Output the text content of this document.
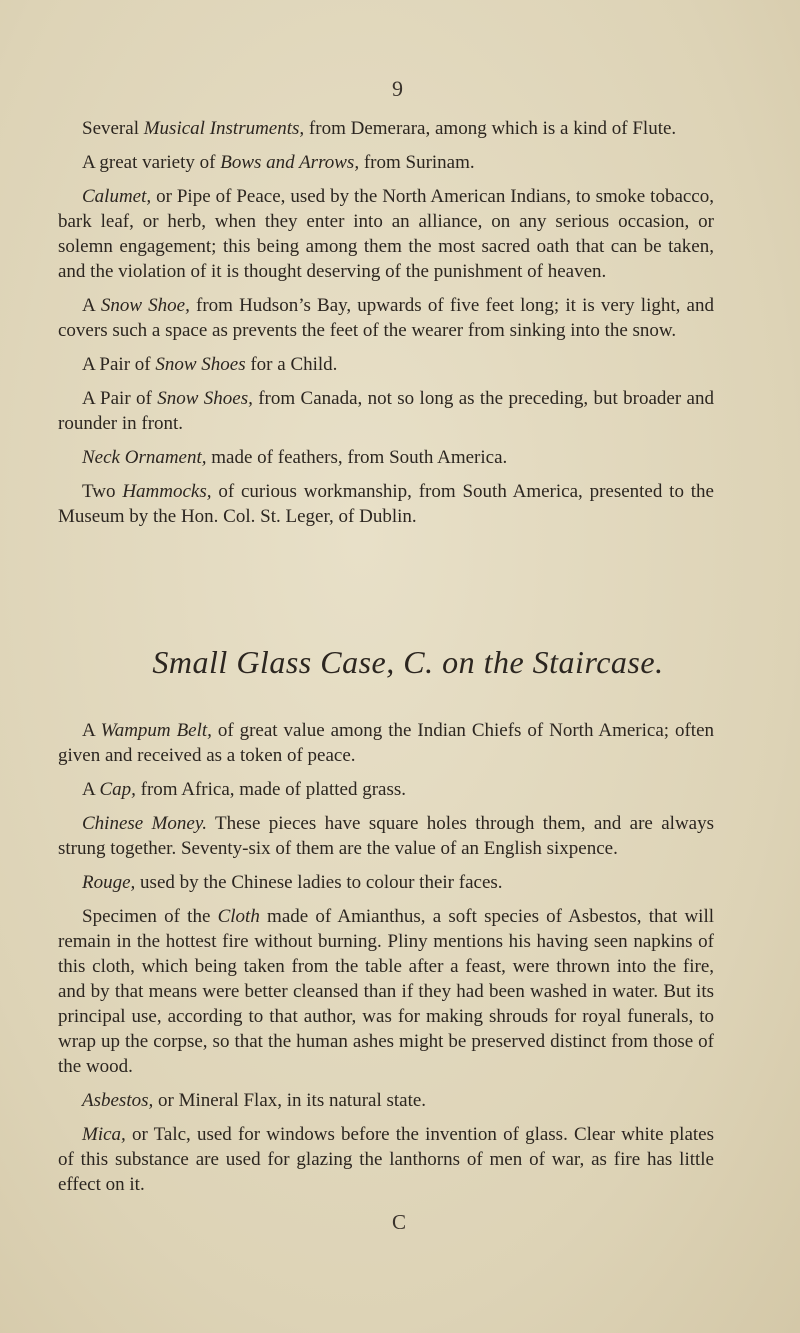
9

Several Musical Instruments, from Demerara, among which is a kind of Flute.

A great variety of Bows and Arrows, from Surinam.

Calumet, or Pipe of Peace, used by the North American Indians, to smoke tobacco, bark leaf, or herb, when they enter into an alliance, on any serious occasion, or solemn engagement; this being among them the most sacred oath that can be taken, and the violation of it is thought deserving of the punishment of heaven.

A Snow Shoe, from Hudson’s Bay, upwards of five feet long; it is very light, and covers such a space as prevents the feet of the wearer from sinking into the snow.

A Pair of Snow Shoes for a Child.

A Pair of Snow Shoes, from Canada, not so long as the preceding, but broader and rounder in front.

Neck Ornament, made of feathers, from South America.

Two Hammocks, of curious workmanship, from South America, presented to the Museum by the Hon. Col. St. Leger, of Dublin.

Small Glass Case, C. on the Staircase.

A Wampum Belt, of great value among the Indian Chiefs of North America; often given and received as a token of peace.

A Cap, from Africa, made of platted grass.

Chinese Money. These pieces have square holes through them, and are always strung together. Seventy-six of them are the value of an English sixpence.

Rouge, used by the Chinese ladies to colour their faces.

Specimen of the Cloth made of Amianthus, a soft species of Asbestos, that will remain in the hottest fire without burning. Pliny mentions his having seen napkins of this cloth, which being taken from the table after a feast, were thrown into the fire, and by that means were better cleansed than if they had been washed in water. But its principal use, according to that author, was for making shrouds for royal funerals, to wrap up the corpse, so that the human ashes might be preserved distinct from those of the wood.

Asbestos, or Mineral Flax, in its natural state.

Mica, or Talc, used for windows before the invention of glass. Clear white plates of this substance are used for glazing the lanthorns of men of war, as fire has little effect on it.

C
